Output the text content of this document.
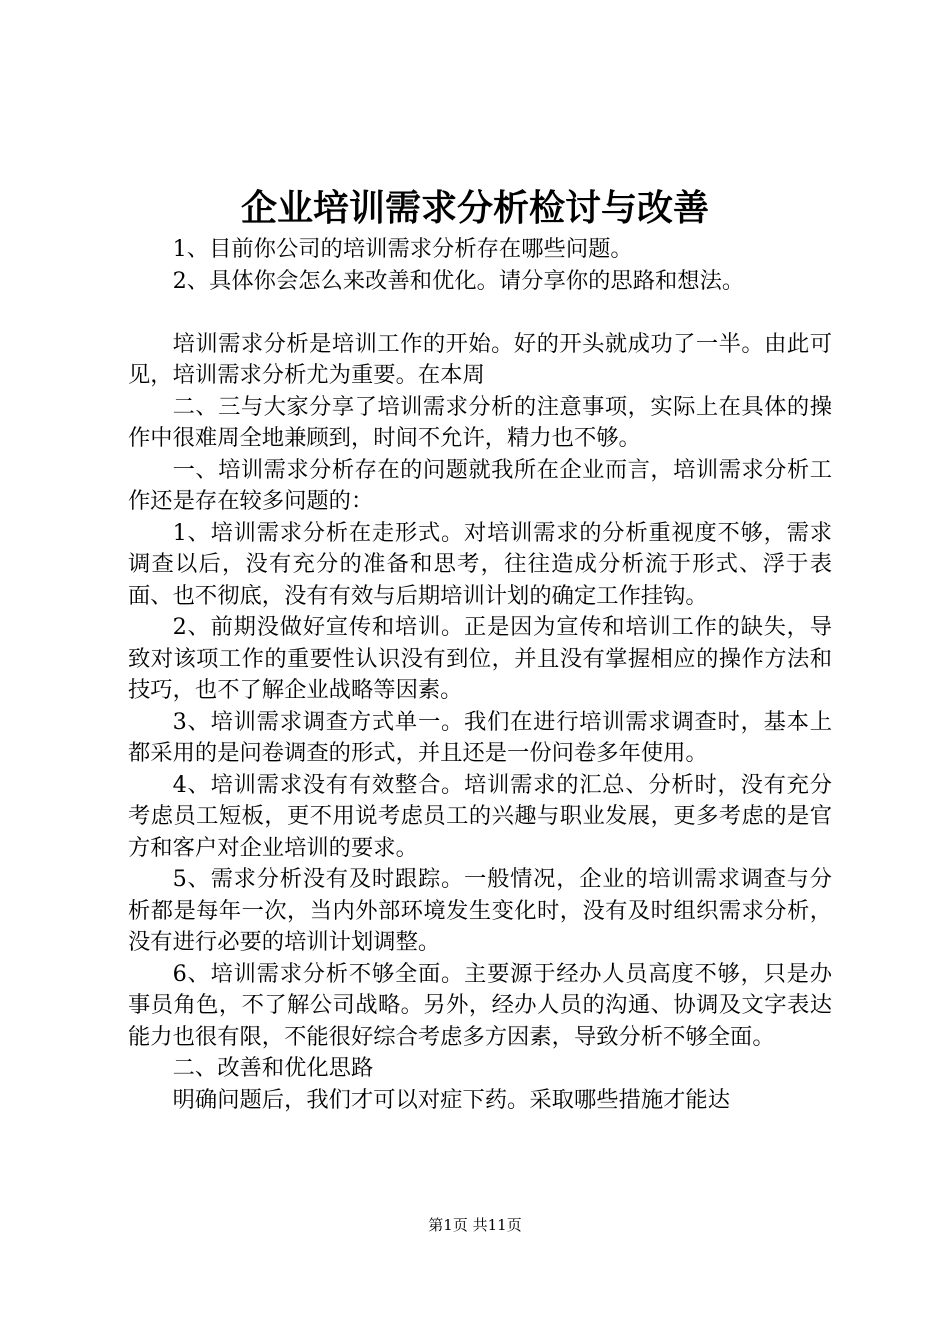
企业培训需求分析检讨与改善

1、目前你公司的培训需求分析存在哪些问题。

2、具体你会怎么来改善和优化。请分享你的思路和想法。

培训需求分析是培训工作的开始。好的开头就成功了一半。由此可见，培训需求分析尤为重要。在本周

二、三与大家分享了培训需求分析的注意事项，实际上在具体的操作中很难周全地兼顾到，时间不允许，精力也不够。

一、培训需求分析存在的问题就我所在企业而言，培训需求分析工作还是存在较多问题的：

1、培训需求分析在走形式。对培训需求的分析重视度不够，需求调查以后，没有充分的准备和思考，往往造成分析流于形式、浮于表面、也不彻底，没有有效与后期培训计划的确定工作挂钩。

2、前期没做好宣传和培训。正是因为宣传和培训工作的缺失，导致对该项工作的重要性认识没有到位，并且没有掌握相应的操作方法和技巧，也不了解企业战略等因素。

3、培训需求调查方式单一。我们在进行培训需求调查时，基本上都采用的是问卷调查的形式，并且还是一份问卷多年使用。

4、培训需求没有有效整合。培训需求的汇总、分析时，没有充分考虑员工短板，更不用说考虑员工的兴趣与职业发展，更多考虑的是官方和客户对企业培训的要求。

5、需求分析没有及时跟踪。一般情况，企业的培训需求调查与分析都是每年一次，当内外部环境发生变化时，没有及时组织需求分析，没有进行必要的培训计划调整。

6、培训需求分析不够全面。主要源于经办人员高度不够，只是办事员角色，不了解公司战略。另外，经办人员的沟通、协调及文字表达能力也很有限，不能很好综合考虑多方因素，导致分析不够全面。

二、改善和优化思路

明确问题后，我们才可以对症下药。采取哪些措施才能达

第1页 共11页
